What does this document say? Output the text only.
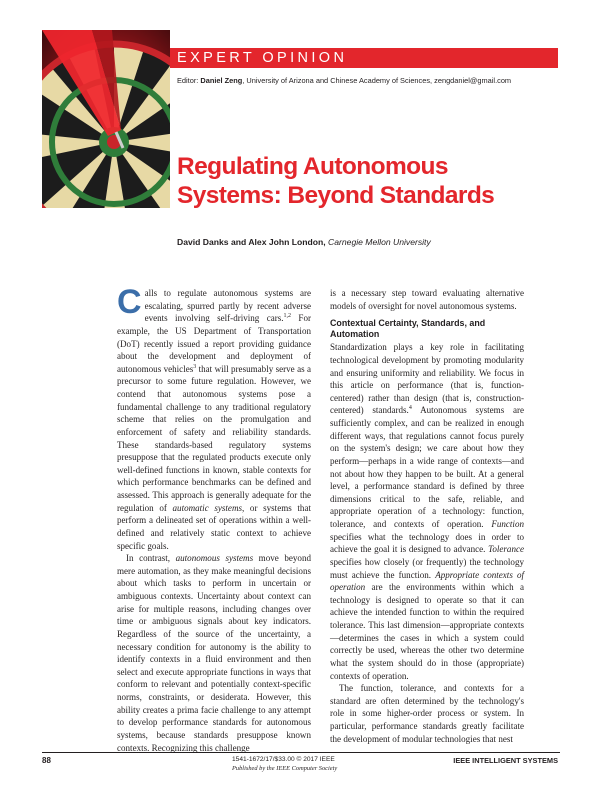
EXPERT OPINION
Editor: Daniel Zeng, University of Arizona and Chinese Academy of Sciences, zengdaniel@gmail.com
Regulating Autonomous
Systems: Beyond Standards
David Danks and Alex John London, Carnegie Mellon University

Calls to regulate autonomous systems are escalating, spurred partly by recent adverse events involving self-driving cars.$^{1,2}$ For example, the US Department of Transportation (DoT) recently issued a report providing guidance about the development and deployment of autonomous vehicles$^3$ that will presumably serve as a precursor to some future regulation. However, we contend that autonomous systems pose a fundamental challenge to any traditional regulatory scheme that relies on the promulgation and enforcement of safety and reliability standards. These standards-based regulatory systems presuppose that the regulated products execute only well-defined functions in known, stable contexts for which performance benchmarks can be defined and assessed. This approach is generally adequate for the regulation of automatic systems, or systems that perform a delineated set of operations within a well-defined and relatively static context to achieve specific goals.

In contrast, autonomous systems move beyond mere automation, as they make meaningful decisions about which tasks to perform in uncertain or ambiguous contexts. Uncertainty about context can arise for multiple reasons, including changes over time or ambiguous signals about key indicators. Regardless of the source of the uncertainty, a necessary condition for autonomy is the ability to identify contexts in a fluid environment and then select and execute appropriate functions in ways that conform to relevant and potentially context-specific norms, constraints, or desiderata. However, this ability creates a prima facie challenge to any attempt to develop performance standards for autonomous systems, because standards presuppose known contexts. Recognizing this challenge

is a necessary step toward evaluating alternative models of oversight for novel autonomous systems.

Contextual Certainty, Standards, and Automation

Standardization plays a key role in facilitating technological development by promoting modularity and ensuring uniformity and reliability. We focus in this article on performance (that is, function-centered) rather than design (that is, construction-centered) standards.$^4$ Autonomous systems are sufficiently complex, and can be realized in enough different ways, that regulations cannot focus purely on the system's design; we care about how they perform—perhaps in a wide range of contexts—and not about how they happen to be built. At a general level, a performance standard is defined by three dimensions critical to the safe, reliable, and appropriate operation of a technology: function, tolerance, and contexts of operation. Function specifies what the technology does in order to achieve the goal it is designed to advance. Tolerance specifies how closely (or frequently) the technology must achieve the function. Appropriate contexts of operation are the environments within which a technology is designed to operate so that it can achieve the intended function to within the required tolerance. This last dimension—appropriate contexts—determines the cases in which a system could correctly be used, whereas the other two determine what the system should do in those (appropriate) contexts of operation.

The function, tolerance, and contexts for a standard are often determined by the technology's role in some higher-order process or system. In particular, performance standards greatly facilitate the development of modular technologies that nest

88	1541-1672/17/$33.00 © 2017 IEEE
Published by the IEEE Computer Society
IEEE INTELLIGENT SYSTEMS
